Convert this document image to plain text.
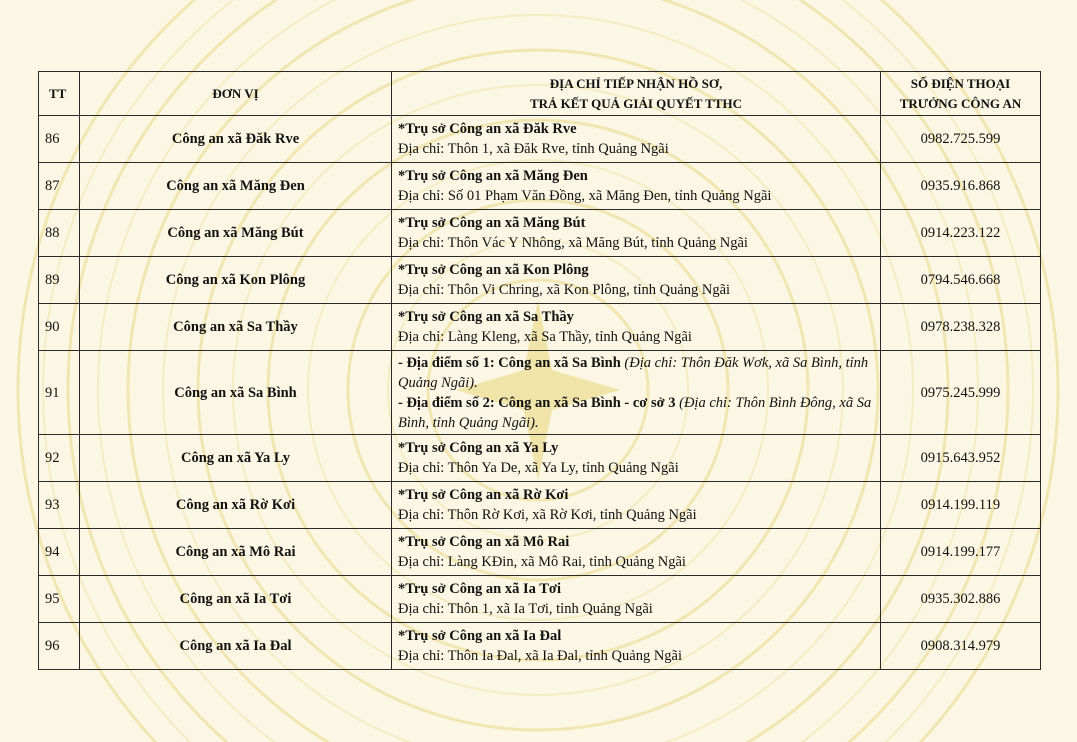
TT	ĐƠN VỊ	ĐỊA CHỈ TIẾP NHẬN HỒ SƠ,
TRẢ KẾT QUẢ GIẢI QUYẾT TTHC	SỐ ĐIỆN THOẠI
TRƯỞNG CÔNG AN

86	Công an xã Đăk Rve	*Trụ sở Công an xã Đăk Rve
Địa chỉ: Thôn 1, xã Đăk Rve, tỉnh Quảng Ngãi	0982.725.599
87	Công an xã Măng Đen	*Trụ sở Công an xã Măng Đen
Địa chỉ: Số 01 Phạm Văn Đồng, xã Măng Đen, tỉnh Quảng Ngãi	0935.916.868
88	Công an xã Măng Bút	*Trụ sở Công an xã Măng Bút
Địa chỉ: Thôn Vác Y Nhông, xã Măng Bút, tỉnh Quảng Ngãi	0914.223.122
89	Công an xã Kon Plông	*Trụ sở Công an xã Kon Plông
Địa chỉ: Thôn Vi Chring, xã Kon Plông, tỉnh Quảng Ngãi	0794.546.668
90	Công an xã Sa Thầy	*Trụ sở Công an xã Sa Thầy
Địa chỉ: Làng Kleng, xã Sa Thầy, tỉnh Quảng Ngãi	0978.238.328
91	Công an xã Sa Bình	- Địa điểm số 1: Công an xã Sa Bình (Địa chỉ: Thôn Đăk Wơk, xã Sa Bình, tỉnh Quảng Ngãi).
- Địa điểm số 2: Công an xã Sa Bình - cơ sở 3 (Địa chỉ: Thôn Bình Đông, xã Sa Bình, tỉnh Quảng Ngãi).	0975.245.999
92	Công an xã Ya Ly	*Trụ sở Công an xã Ya Ly
Địa chỉ: Thôn Ya De, xã Ya Ly, tỉnh Quảng Ngãi	0915.643.952
93	Công an xã Rờ Kơi	*Trụ sở Công an xã Rờ Kơi
Địa chỉ: Thôn Rờ Kơi, xã Rờ Kơi, tỉnh Quảng Ngãi	0914.199.119
94	Công an xã Mô Rai	*Trụ sở Công an xã Mô Rai
Địa chỉ: Làng KĐin, xã Mô Rai, tỉnh Quảng Ngãi	0914.199.177
95	Công an xã Ia Tơi	*Trụ sở Công an xã Ia Tơi
Địa chỉ: Thôn 1, xã Ia Tơi, tỉnh Quảng Ngãi	0935.302.886
96	Công an xã Ia Đal	*Trụ sở Công an xã Ia Đal
Địa chỉ: Thôn Ia Đal, xã Ia Đal, tỉnh Quảng Ngãi	0908.314.979
